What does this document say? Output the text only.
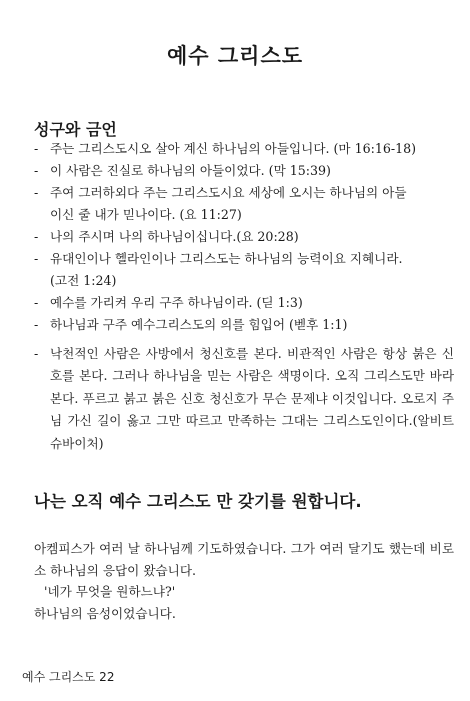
예수 그리스도
성구와 금언
- 주는 그리스도시오 살아 계신 하나님의 아들입니다. (마 16:16-18)
- 이 사람은 진실로 하나님의 아들이었다. (막 15:39)
- 주여 그러하외다 주는 그리스도시요 세상에 오시는 하나님의 아들
이신 줄 내가 믿나이다. (요 11:27)
- 나의 주시며 나의 하나님이십니다.(요 20:28)
- 유대인이나 헬라인이나 그리스도는 하나님의 능력이요 지혜니라.
(고전 1:24)
- 예수를 가리켜 우리 구주 하나님이라. (딛 1:3)
- 하나님과 구주 예수그리스도의 의를 힘입어 (벧후 1:1)
- 낙천적인 사람은 사방에서 청신호를 본다. 비관적인 사람은 항상 붉은 신호를 본다. 그러나 하나님을 믿는 사람은 색명이다. 오직 그리스도만 바라본다. 푸르고 붉고 붉은 신호 청신호가 무슨 문제냐 이것입니다. 오로지 주님 가신 길이 옳고 그만 따르고 만족하는 그대는 그리스도인이다.(알비트 슈바이처)
나는 오직 예수 그리스도 만 갖기를 원합니다.
아켐피스가 여러 날 하나님께 기도하였습니다. 그가 여러 달기도 했는데 비로소 하나님의 응답이 왔습니다.
'네가 무엇을 원하느냐?'
하나님의 음성이었습니다.
예수 그리스도 22
